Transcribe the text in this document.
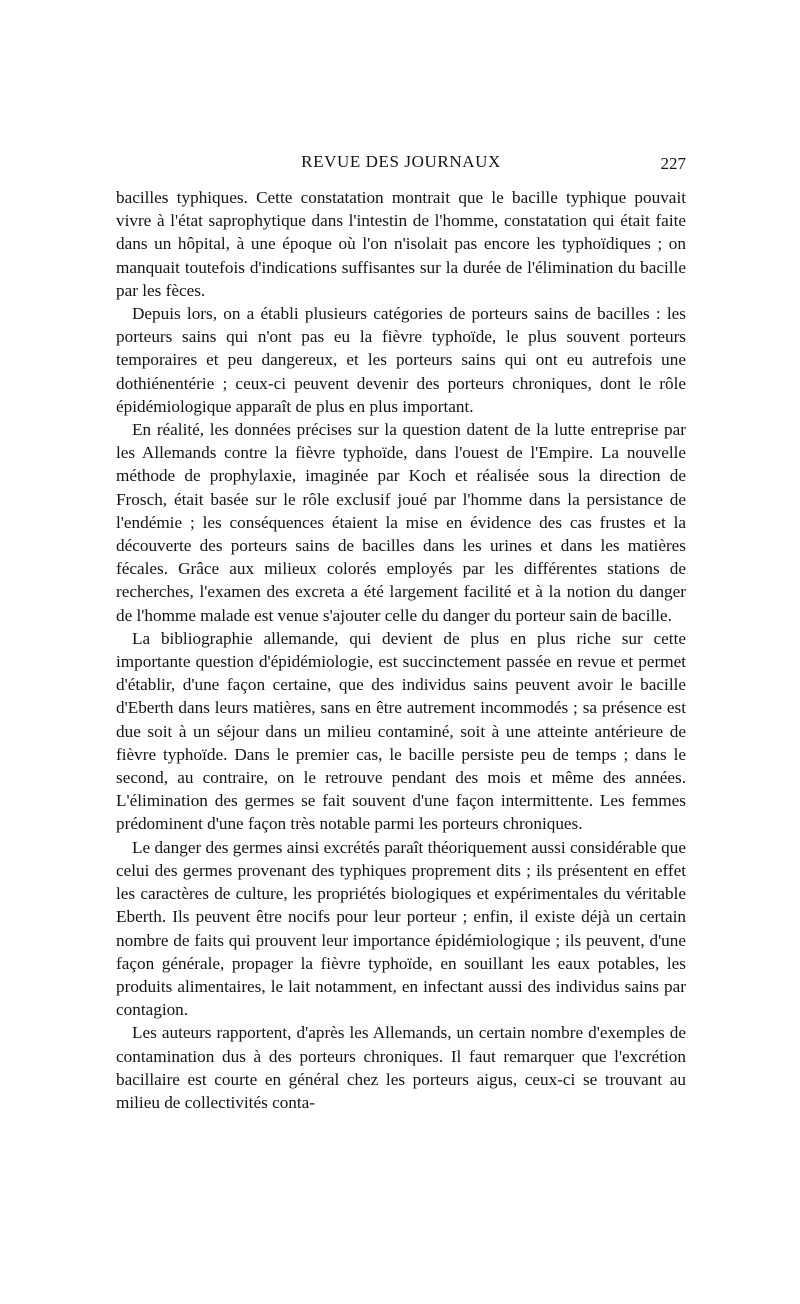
REVUE DES JOURNAUX	227

bacilles typhiques. Cette constatation montrait que le bacille typhique pouvait vivre à l'état saprophytique dans l'intestin de l'homme, constatation qui était faite dans un hôpital, à une époque où l'on n'isolait pas encore les typhoïdiques ; on manquait toutefois d'indications suffisantes sur la durée de l'élimination du bacille par les fèces.

Depuis lors, on a établi plusieurs catégories de porteurs sains de bacilles : les porteurs sains qui n'ont pas eu la fièvre typhoïde, le plus souvent porteurs temporaires et peu dangereux, et les porteurs sains qui ont eu autrefois une dothiénentérie ; ceux-ci peuvent devenir des porteurs chroniques, dont le rôle épidémiologique apparaît de plus en plus important.

En réalité, les données précises sur la question datent de la lutte entreprise par les Allemands contre la fièvre typhoïde, dans l'ouest de l'Empire. La nouvelle méthode de prophylaxie, imaginée par Koch et réalisée sous la direction de Frosch, était basée sur le rôle exclusif joué par l'homme dans la persistance de l'endémie ; les conséquences étaient la mise en évidence des cas frustes et la découverte des porteurs sains de bacilles dans les urines et dans les matières fécales. Grâce aux milieux colorés employés par les différentes stations de recherches, l'examen des excreta a été largement facilité et à la notion du danger de l'homme malade est venue s'ajouter celle du danger du porteur sain de bacille.

La bibliographie allemande, qui devient de plus en plus riche sur cette importante question d'épidémiologie, est succinctement passée en revue et permet d'établir, d'une façon certaine, que des individus sains peuvent avoir le bacille d'Eberth dans leurs matières, sans en être autrement incommodés ; sa présence est due soit à un séjour dans un milieu contaminé, soit à une atteinte antérieure de fièvre typhoïde. Dans le premier cas, le bacille persiste peu de temps ; dans le second, au contraire, on le retrouve pendant des mois et même des années. L'élimination des germes se fait souvent d'une façon intermittente. Les femmes prédominent d'une façon très notable parmi les porteurs chroniques.

Le danger des germes ainsi excrétés paraît théoriquement aussi considérable que celui des germes provenant des typhiques proprement dits ; ils présentent en effet les caractères de culture, les propriétés biologiques et expérimentales du véritable Eberth. Ils peuvent être nocifs pour leur porteur ; enfin, il existe déjà un certain nombre de faits qui prouvent leur importance épidémiologique ; ils peuvent, d'une façon générale, propager la fièvre typhoïde, en souillant les eaux potables, les produits alimentaires, le lait notamment, en infectant aussi des individus sains par contagion.

Les auteurs rapportent, d'après les Allemands, un certain nombre d'exemples de contamination dus à des porteurs chroniques. Il faut remarquer que l'excrétion bacillaire est courte en général chez les porteurs aigus, ceux-ci se trouvant au milieu de collectivités conta-
